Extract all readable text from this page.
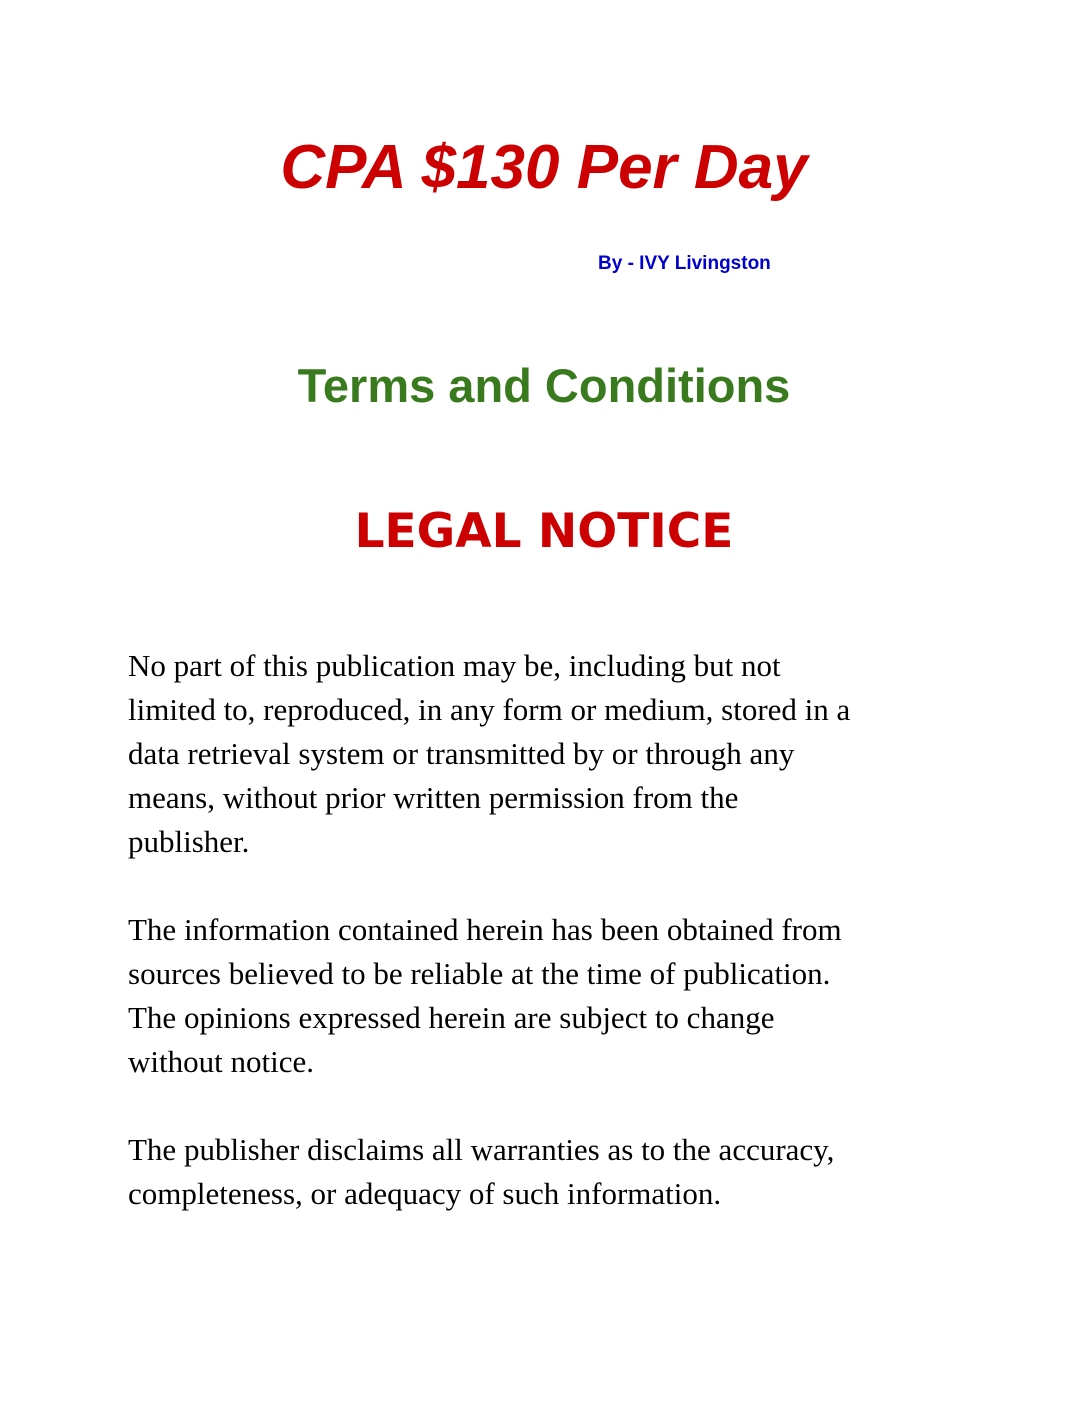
CPA $130 Per Day
By - IVY Livingston
Terms and Conditions
LEGAL NOTICE

No part of this publication may be, including but not
limited to, reproduced, in any form or medium, stored in a
data retrieval system or transmitted by or through any
means, without prior written permission from the
publisher.

The information contained herein has been obtained from
sources believed to be reliable at the time of publication.
The opinions expressed herein are subject to change
without notice.

The publisher disclaims all warranties as to the accuracy,
completeness, or adequacy of such information.
